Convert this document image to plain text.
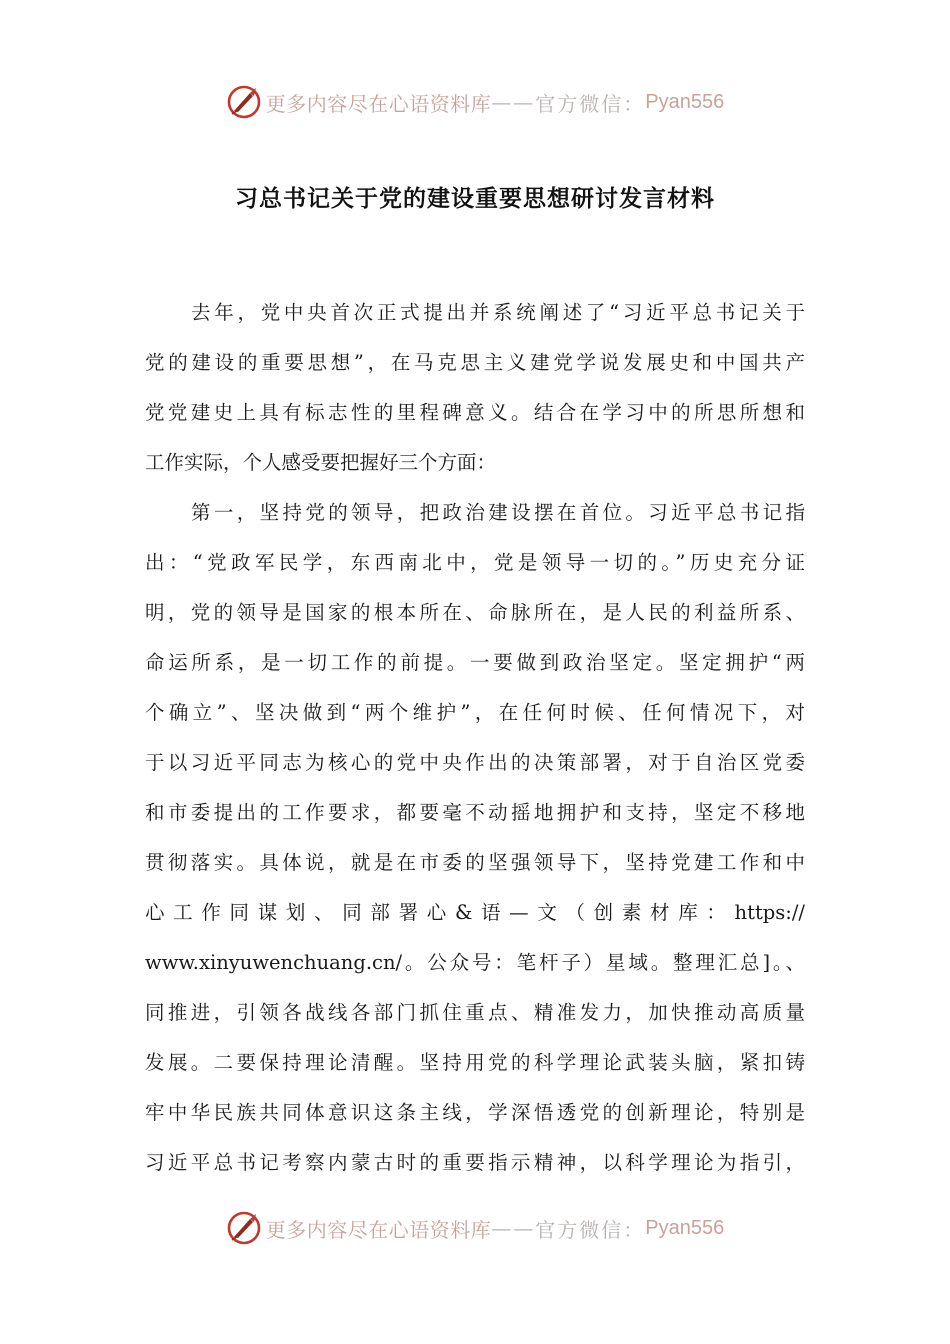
更多内容尽在心语资料库 —— 官方微信： Pyan556
习总书记关于党的建设重要思想研讨发言材料
去年，党中央首次正式提出并系统阐述了“习近平总书记关于
党的建设的重要思想”，在马克思主义建党学说发展史和中国共产
党党建史上具有标志性的里程碑意义。结合在学习中的所思所想和
工作实际，个人感受要把握好三个方面：
第一，坚持党的领导，把政治建设摆在首位。习近平总书记指
出：“党政军民学，东西南北中，党是领导一切的。”历史充分证
明，党的领导是国家的根本所在、命脉所在，是人民的利益所系、
命运所系，是一切工作的前提。一要做到政治坚定。坚定拥护“两
个确立”、坚决做到“两个维护”，在任何时候、任何情况下，对
于以习近平同志为核心的党中央作出的决策部署，对于自治区党委
和市委提出的工作要求，都要毫不动摇地拥护和支持，坚定不移地
贯彻落实。具体说，就是在市委的坚强领导下，坚持党建工作和中
心工作同谋划、同部署心&语—文（创素材库：https://
www.xinyuwenchuang.cn/。公众号：笔杆子）星域。整理汇总]。、
同推进，引领各战线各部门抓住重点、精准发力，加快推动高质量
发展。二要保持理论清醒。坚持用党的科学理论武装头脑，紧扣铸
牢中华民族共同体意识这条主线，学深悟透党的创新理论，特别是
习近平总书记考察内蒙古时的重要指示精神，以科学理论为指引，
更多内容尽在心语资料库 —— 官方微信： Pyan556
